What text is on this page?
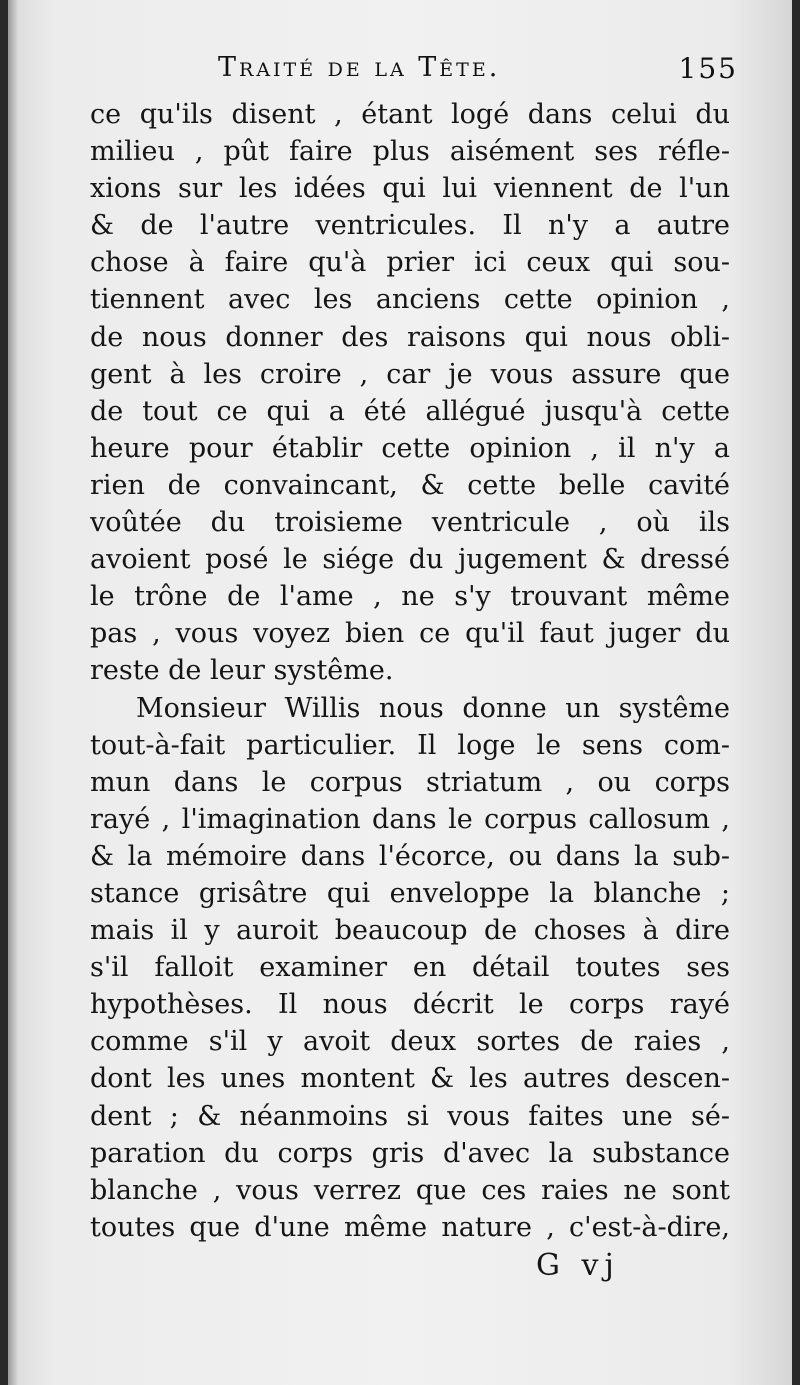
Traité de la Tête.	155
ce qu'ils disent , étant logé dans celui du
milieu , pût faire plus aisément ses réfle-
xions sur les idées qui lui viennent de l'un
& de l'autre ventricules. Il n'y a autre
chose à faire qu'à prier ici ceux qui sou-
tiennent avec les anciens cette opinion ,
de nous donner des raisons qui nous obli-
gent à les croire , car je vous assure que
de tout ce qui a été allégué jusqu'à cette
heure pour établir cette opinion , il n'y a
rien de convaincant, & cette belle cavité
voûtée du troisieme ventricule , où ils
avoient posé le siége du jugement & dressé
le trône de l'ame , ne s'y trouvant même
pas , vous voyez bien ce qu'il faut juger du
reste de leur systême.
Monsieur Willis nous donne un systême
tout-à-fait particulier. Il loge le sens com-
mun dans le corpus striatum , ou corps
rayé , l'imagination dans le corpus callosum ,
& la mémoire dans l'écorce, ou dans la sub-
stance grisâtre qui enveloppe la blanche ;
mais il y auroit beaucoup de choses à dire
s'il falloit examiner en détail toutes ses
hypothèses. Il nous décrit le corps rayé
comme s'il y avoit deux sortes de raies ,
dont les unes montent & les autres descen-
dent ; & néanmoins si vous faites une sé-
paration du corps gris d'avec la substance
blanche , vous verrez que ces raies ne sont
toutes que d'une même nature , c'est-à-dire,
G vj
